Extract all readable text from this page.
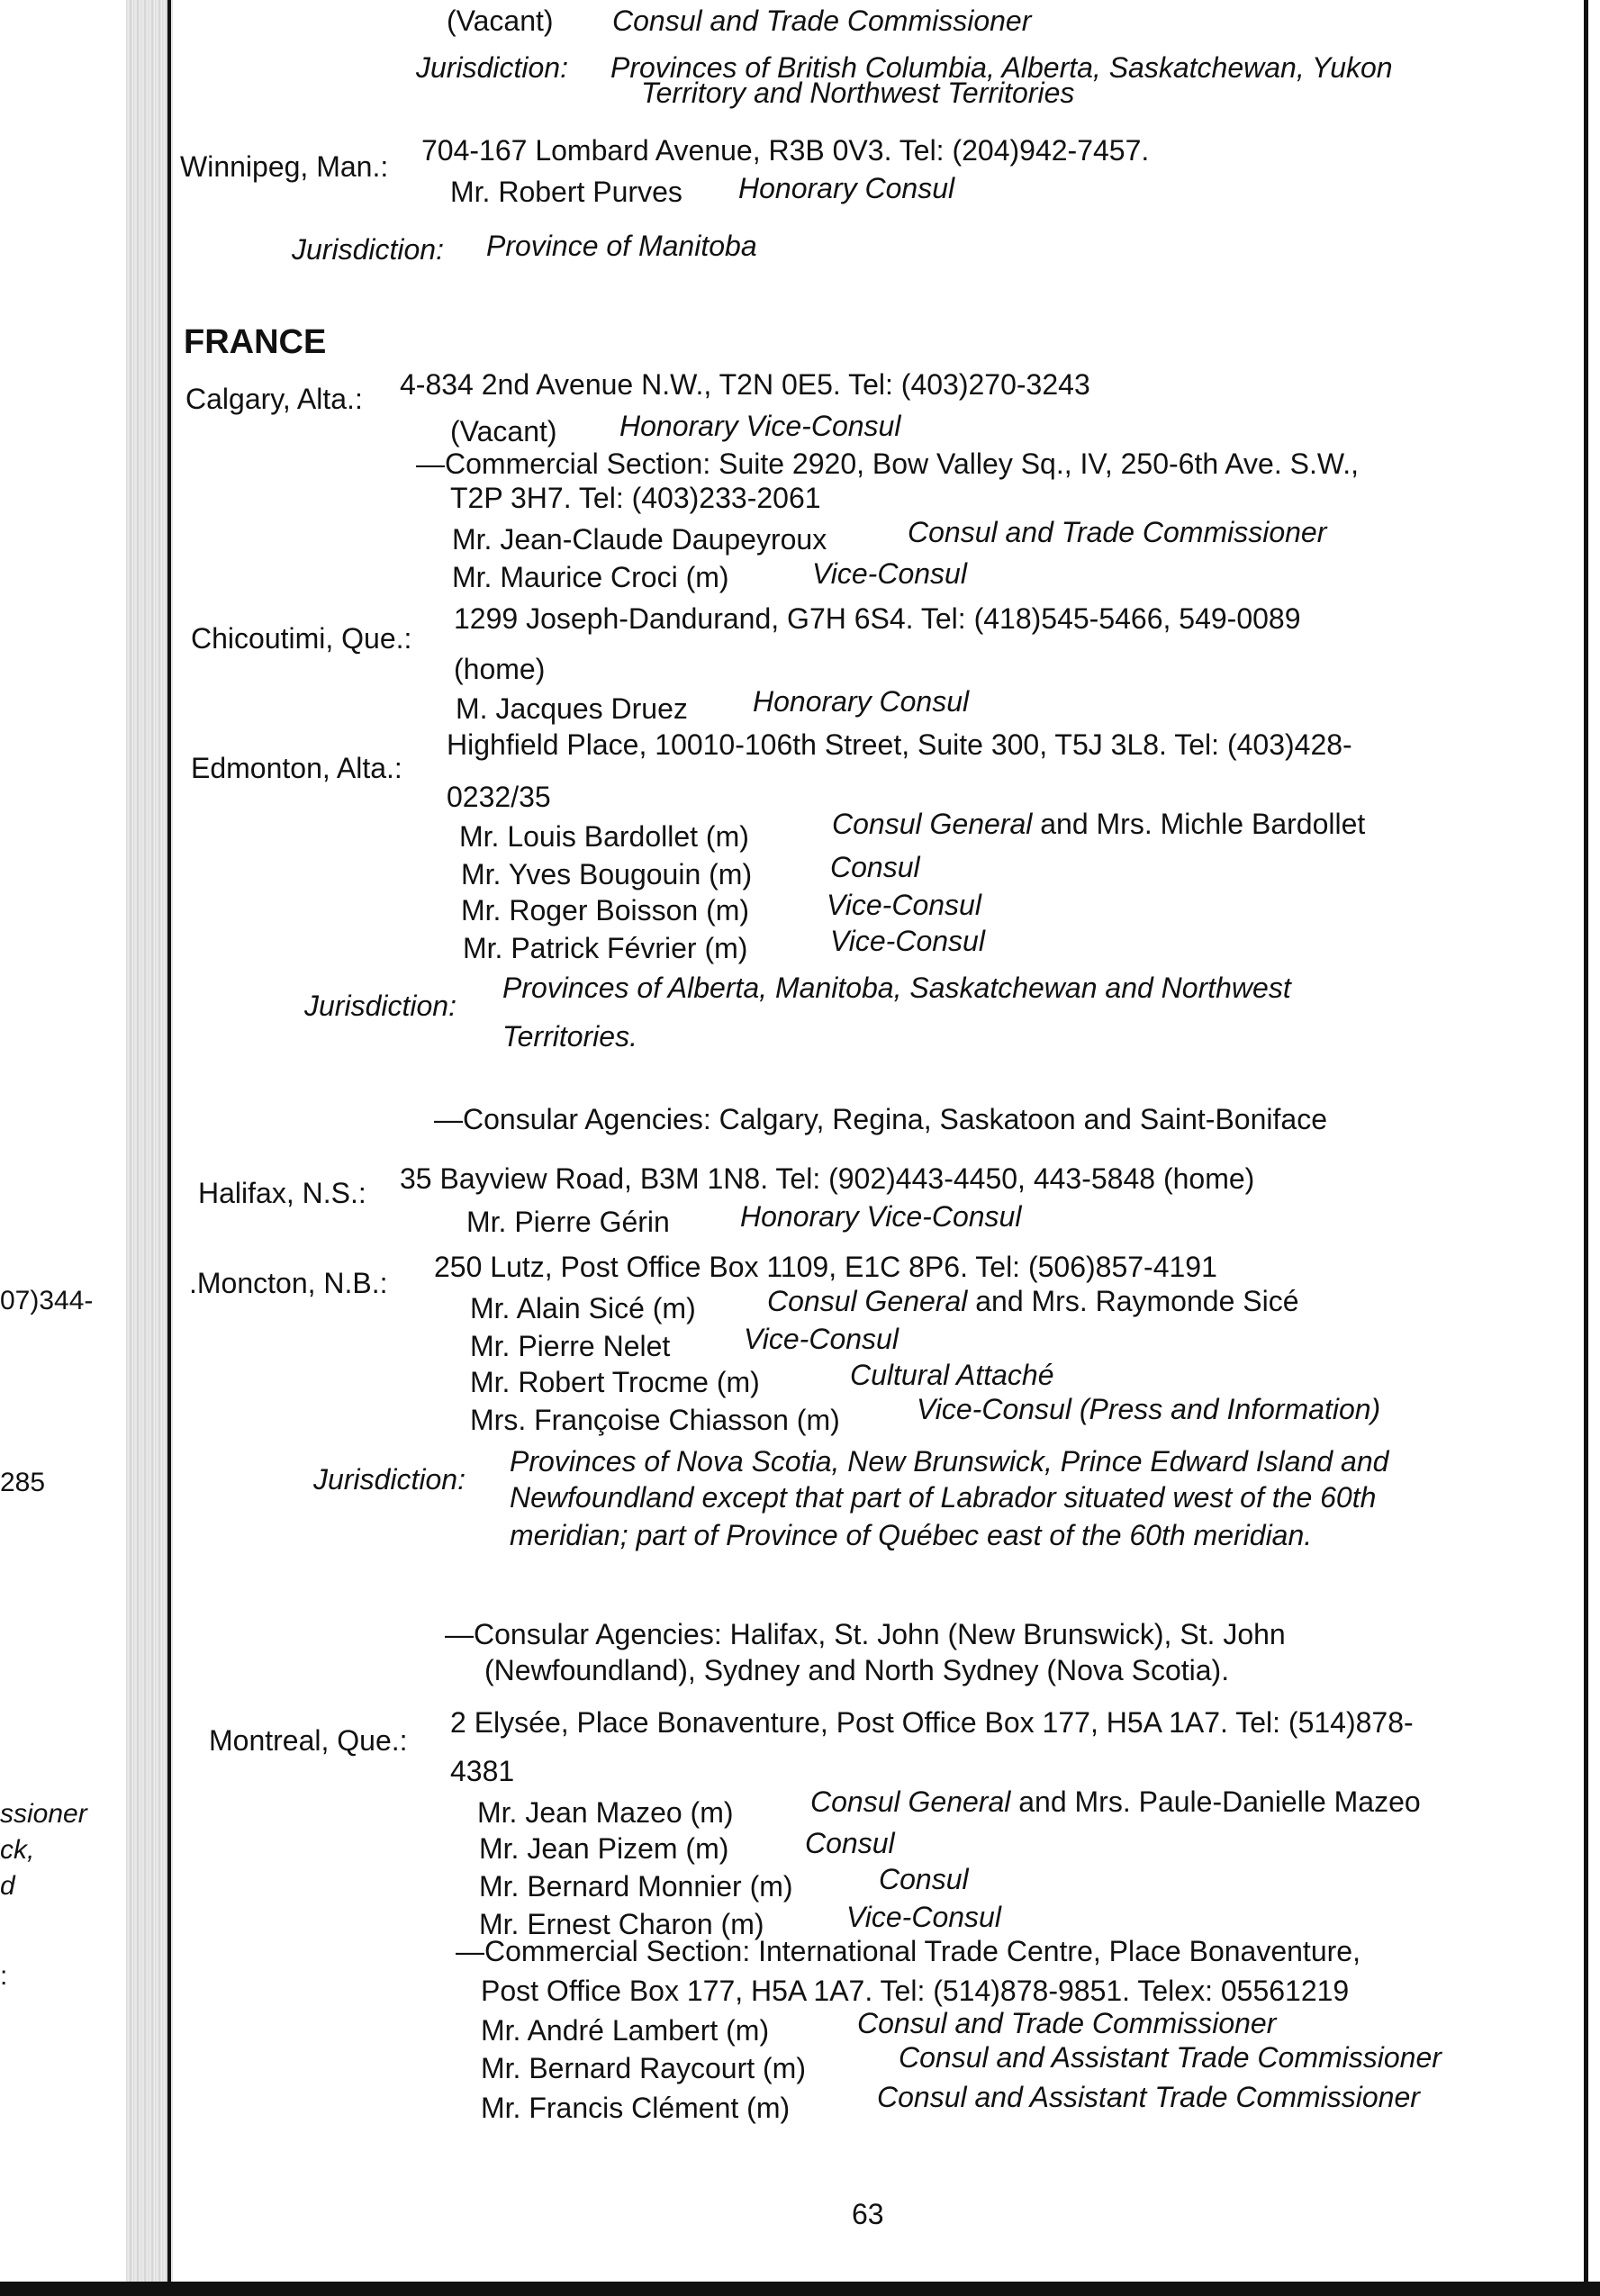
07)344-
285
ssioner
ck,
d
:
(Vacant) Consul and Trade Commissioner
Jurisdiction: Provinces of British Columbia, Alberta, Saskatchewan, Yukon
Territory and Northwest Territories
Winnipeg, Man.: 704-167 Lombard Avenue, R3B 0V3. Tel: (204)942-7457.
Mr. Robert Purves Honorary Consul
Jurisdiction: Province of Manitoba
FRANCE
Calgary, Alta.: 4-834 2nd Avenue N.W., T2N 0E5. Tel: (403)270-3243
(Vacant) Honorary Vice-Consul
—Commercial Section: Suite 2920, Bow Valley Sq., IV, 250-6th Ave. S.W.,
T2P 3H7. Tel: (403)233-2061
Mr. Jean-Claude Daupeyroux	Consul and Trade Commissioner
Mr. Maurice Croci (m)	Vice-Consul
Chicoutimi, Que.:
1299 Joseph-Dandurand, G7H 6S4. Tel: (418)545-5466, 549-0089
(home)
M. Jacques Druez Honorary Consul
Edmonton, Alta.:
Highfield Place, 10010-106th Street, Suite 300, T5J 3L8. Tel: (403)428-
0232/35
Mr. Louis Bardollet (m)	Consul General and Mrs. Michle Bardollet
Mr. Yves Bougouin (m)	Consul
Mr. Roger Boisson (m)	Vice-Consul
Mr. Patrick Février (m)	Vice-Consul
Jurisdiction:
Provinces of Alberta, Manitoba, Saskatchewan and Northwest
Territories.
—Consular Agencies: Calgary, Regina, Saskatoon and Saint-Boniface
Halifax, N.S.: 35 Bayview Road, B3M 1N8. Tel: (902)443-4450, 443-5848 (home)
Mr. Pierre Gérin Honorary Vice-Consul
.Moncton, N.B.: 250 Lutz, Post Office Box 1109, E1C 8P6. Tel: (506)857-4191
Mr. Alain Sicé (m) Consul General and Mrs. Raymonde Sicé
Mr. Pierre Nelet	Vice-Consul
Mr. Robert Trocme (m)	Cultural Attaché
Mrs. Françoise Chiasson (m)	Vice-Consul (Press and Information)
Jurisdiction:
Provinces of Nova Scotia, New Brunswick, Prince Edward Island and
Newfoundland except that part of Labrador situated west of the 60th
meridian; part of Province of Québec east of the 60th meridian.
—Consular Agencies: Halifax, St. John (New Brunswick), St. John
(Newfoundland), Sydney and North Sydney (Nova Scotia).
Montreal, Que.:
2 Elysée, Place Bonaventure, Post Office Box 177, H5A 1A7. Tel: (514)878-
4381
Mr. Jean Mazeo (m)	Consul General and Mrs. Paule-Danielle Mazeo
Mr. Jean Pizem (m)	Consul
Mr. Bernard Monnier (m)	Consul
Mr. Ernest Charon (m)	Vice-Consul
—Commercial Section: International Trade Centre, Place Bonaventure,
Post Office Box 177, H5A 1A7. Tel: (514)878-9851. Telex: 05561219
Mr. André Lambert (m)	Consul and Trade Commissioner
Mr. Bernard Raycourt (m)	Consul and Assistant Trade Commissioner
Mr. Francis Clément (m)	Consul and Assistant Trade Commissioner
63
